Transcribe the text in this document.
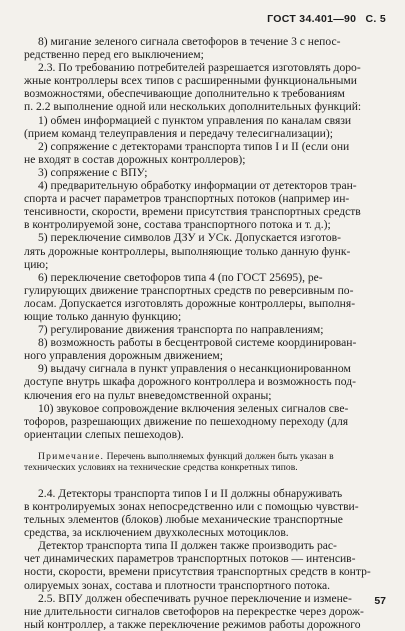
ГОСТ 34.401—90 С. 5
8) мигание зеленого сигнала светофоров в течение 3 с непос-
редственно перед его выключением;
2.3. По требованию потребителей разрешается изготовлять доро-
жные контроллеры всех типов с расширенными функциональными
возможностями, обеспечивающие дополнительно к требованиям
п. 2.2 выполнение одной или нескольких дополнительных функций:
1) обмен информацией с пунктом управления по каналам связи
(прием команд телеуправления и передачу телесигнализации);
2) сопряжение с детекторами транспорта типов I и II (если они
не входят в состав дорожных контроллеров);
3) сопряжение с ВПУ;
4) предварительную обработку информации от детекторов тран-
спорта и расчет параметров транспортных потоков (например ин-
тенсивности, скорости, времени присутствия транспортных средств
в контролируемой зоне, состава транспортного потока и т. д.);
5) переключение символов ДЗУ и УСк. Допускается изготов-
лять дорожные контроллеры, выполняющие только данную функ-
цию;
6) переключение светофоров типа 4 (по ГОСТ 25695), ре-
гулирующих движение транспортных средств по реверсивным по-
лосам. Допускается изготовлять дорожные контроллеры, выполня-
ющие только данную функцию;
7) регулирование движения транспорта по направлениям;
8) возможность работы в бесцентровой системе координирован-
ного управления дорожным движением;
9) выдачу сигнала в пункт управления о несанкционированном
доступе внутрь шкафа дорожного контроллера и возможность под-
ключения его на пульт вневедомственной охраны;
10) звуковое сопровождение включения зеленых сигналов све-
тофоров, разрешающих движение по пешеходному переходу (для
ориентации слепых пешеходов).
Примечание. Перечень выполняемых функций должен быть указан в
технических условиях на технические средства конкретных типов.
2.4. Детекторы транспорта типов I и II должны обнаруживать
в контролируемых зонах непосредственно или с помощью чувстви-
тельных элементов (блоков) любые механические транспортные
средства, за исключением двухколесных мотоциклов.
Детектор транспорта типа II должен также производить рас-
чет динамических параметров транспортных потоков — интенсив-
ности, скорости, времени присутствия транспортных средств в контр-
олируемых зонах, состава и плотности транспортного потока.
2.5. ВПУ должен обеспечивать ручное переключение и измене-
ние длительности сигналов светофоров на перекрестке через дорож-
ный контроллер, а также переключение режимов работы дорожного
57
